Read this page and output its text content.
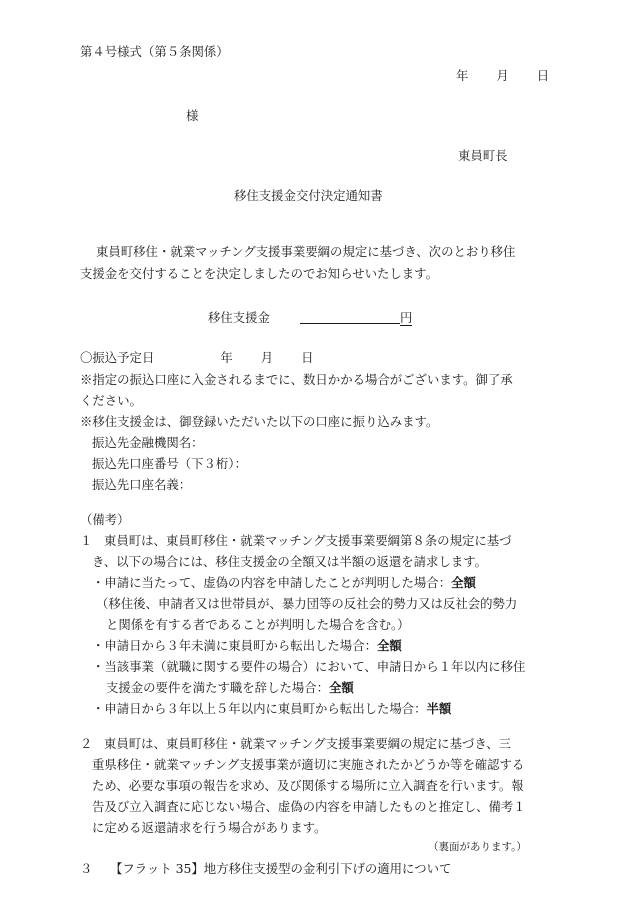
第４号様式（第５条関係）
年 月 日
様
東員町長
移住支援金交付決定通知書
東員町移住・就業マッチング支援事業要綱の規定に基づき、次のとおり移住
支援金を交付することを決定しましたのでお知らせいたします。
移住支援金	円
〇振込予定日	年 月 日
※指定の振込口座に入金されるまでに、数日かかる場合がございます。御了承
ください。
※移住支援金は、御登録いただいた以下の口座に振り込みます。
振込先金融機関名：
振込先口座番号（下３桁）：
振込先口座名義：
（備考）
１ 東員町は、東員町移住・就業マッチング支援事業要綱第８条の規定に基づ
き、以下の場合には、移住支援金の全額又は半額の返還を請求します。
・申請に当たって、虚偽の内容を申請したことが判明した場合：全額
（移住後、申請者又は世帯員が、暴力団等の反社会的勢力又は反社会的勢力
と関係を有する者であることが判明した場合を含む。）
・申請日から３年未満に東員町から転出した場合：全額
・当該事業（就職に関する要件の場合）において、申請日から１年以内に移住
支援金の要件を満たす職を辞した場合：全額
・申請日から３年以上５年以内に東員町から転出した場合：半額
２ 東員町は、東員町移住・就業マッチング支援事業要綱の規定に基づき、三
重県移住・就業マッチング支援事業が適切に実施されたかどうか等を確認する
ため、必要な事項の報告を求め、及び関係する場所に立入調査を行います。報
告及び立入調査に応じない場合、虚偽の内容を申請したものと推定し、備考１
に定める返還請求を行う場合があります。
（裏面があります。）
３ 【フラット 35】地方移住支援型の金利引下げの適用について
